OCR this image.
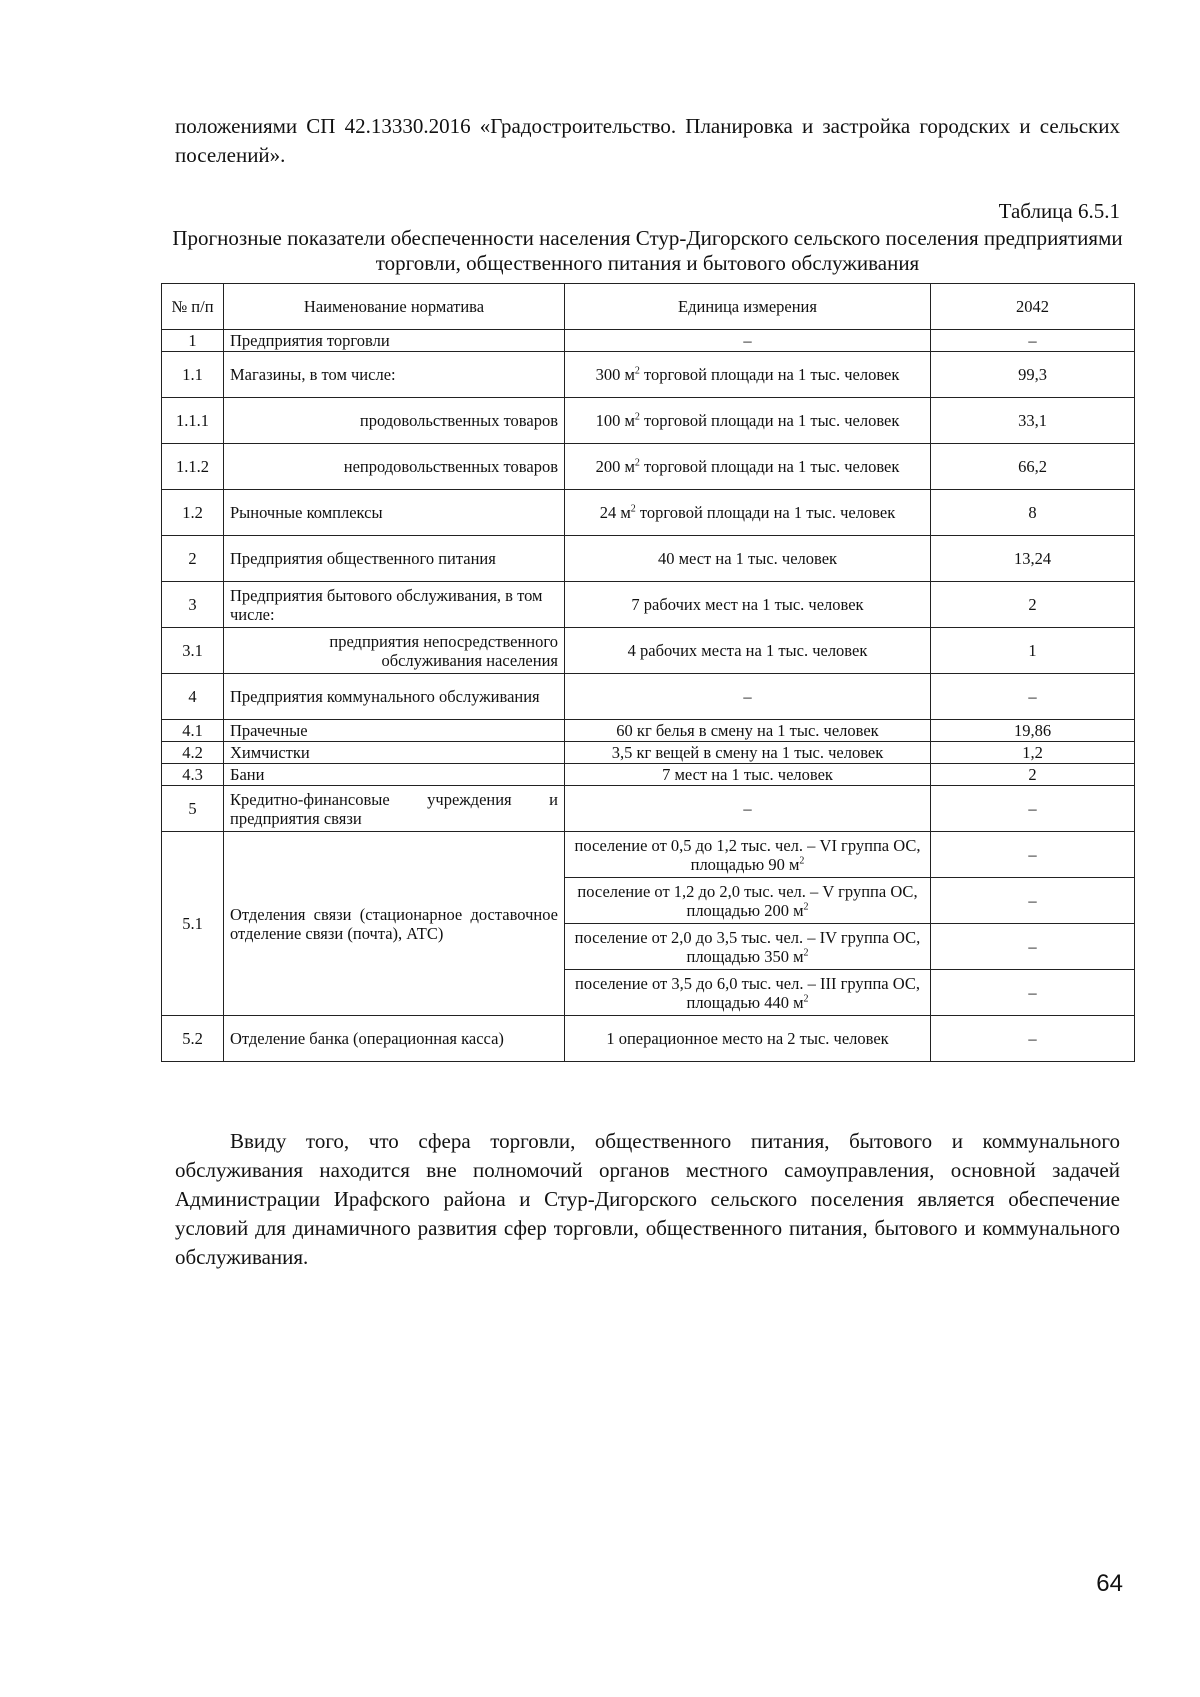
положениями СП 42.13330.2016 «Градостроительство. Планировка и застройка городских и сельских поселений».

Таблица 6.5.1
Прогнозные показатели обеспеченности населения Стур-Дигорского сельского поселения предприятиями торговли, общественного питания и бытового обслуживания
№ п/п	Наименование норматива	Единица измерения	2042
1	Предприятия торговли	–	–
1.1	Магазины, в том числе:	300 $м^2$ торговой площади на 1 тыс. человек	99,3
1.1.1	продовольственных товаров	100 $м^2$ торговой площади на 1 тыс. человек	33,1
1.1.2	непродовольственных товаров	200 $м^2$ торговой площади на 1 тыс. человек	66,2
1.2	Рыночные комплексы	24 $м^2$ торговой площади на 1 тыс. человек	8
2	Предприятия общественного питания	40 мест на 1 тыс. человек	13,24
3	Предприятия бытового обслуживания, в том числе:	7 рабочих мест на 1 тыс. человек	2
3.1	предприятия непосредственного обслуживания населения	4 рабочих места на 1 тыс. человек	1
4	Предприятия коммунального обслуживания	–	–
4.1	Прачечные	60 кг белья в смену на 1 тыс. человек	19,86
4.2	Химчистки	3,5 кг вещей в смену на 1 тыс. человек	1,2
4.3	Бани	7 мест на 1 тыс. человек	2
5	Кредитно-финансовые учреждения и предприятия связи	–	–
5.1	Отделения связи (стационарное доставочное отделение связи (почта), АТС)	поселение от 0,5 до 1,2 тыс. чел. – VI группа ОС, площадью 90 $м^2$	–
		поселение от 1,2 до 2,0 тыс. чел. – V группа ОС, площадью 200 $м^2$	–
		поселение от 2,0 до 3,5 тыс. чел. – IV группа ОС, площадью 350 $м^2$	–
		поселение от 3,5 до 6,0 тыс. чел. – III группа ОС, площадью 440 $м^2$	–
5.2	Отделение банка (операционная касса)	1 операционное место на 2 тыс. человек	–

Ввиду того, что сфера торговли, общественного питания, бытового и коммунального обслуживания находится вне полномочий органов местного самоуправления, основной задачей Администрации Ирафского района и Стур-Дигорского сельского поселения является обеспечение условий для динамичного развития сфер торговли, общественного питания, бытового и коммунального обслуживания.

64
